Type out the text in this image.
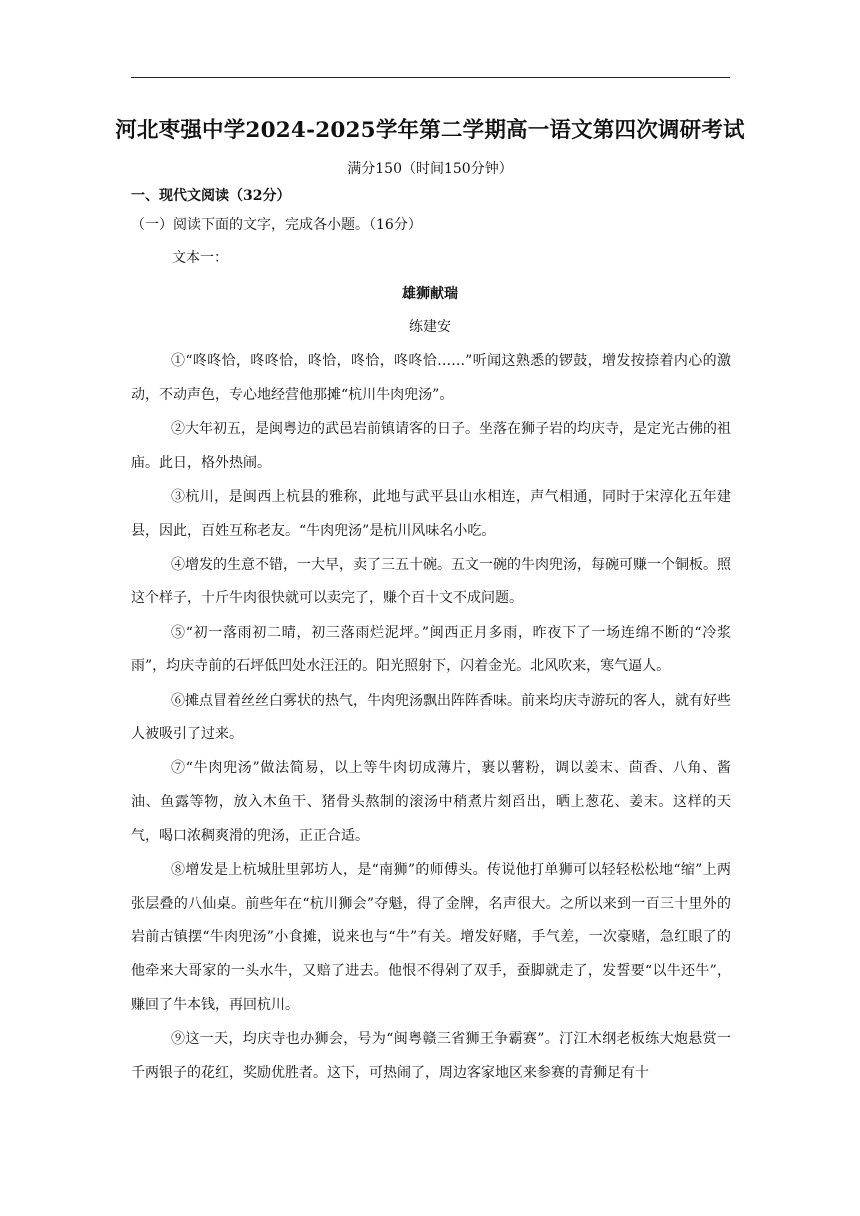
河北枣强中学2024-2025学年第二学期高一语文第四次调研考试
满分150（时间150分钟）
一、现代文阅读（32分）
（一）阅读下面的文字，完成各小题。（16分）
文本一：
雄狮献瑞
练建安

①“咚咚恰，咚咚恰，咚恰，咚恰，咚咚恰……”听闻这熟悉的锣鼓，增发按捺着内心的激动，不动声色，专心地经营他那摊“杭川牛肉兜汤”。

②大年初五，是闽粤边的武邑岩前镇请客的日子。坐落在狮子岩的均庆寺，是定光古佛的祖庙。此日，格外热闹。

③杭川，是闽西上杭县的雅称，此地与武平县山水相连，声气相通，同时于宋淳化五年建县，因此，百姓互称老友。“牛肉兜汤”是杭川风味名小吃。

④增发的生意不错，一大早，卖了三五十碗。五文一碗的牛肉兜汤，每碗可赚一个铜板。照这个样子，十斤牛肉很快就可以卖完了，赚个百十文不成问题。

⑤“初一落雨初二晴，初三落雨烂泥坪。”闽西正月多雨，昨夜下了一场连绵不断的“冷浆雨”，均庆寺前的石坪低凹处水汪汪的。阳光照射下，闪着金光。北风吹来，寒气逼人。

⑥摊点冒着丝丝白雾状的热气，牛肉兜汤飘出阵阵香味。前来均庆寺游玩的客人，就有好些人被吸引了过来。

⑦“牛肉兜汤”做法简易，以上等牛肉切成薄片，裹以薯粉，调以姜末、茴香、八角、酱油、鱼露等物，放入木鱼干、猪骨头熬制的滚汤中稍煮片刻舀出，晒上葱花、姜末。这样的天气，喝口浓稠爽滑的兜汤，正正合适。

⑧增发是上杭城肚里郭坊人，是“南狮”的师傅头。传说他打单狮可以轻轻松松地“缩”上两张层叠的八仙桌。前些年在“杭川狮会”夺魁，得了金牌，名声很大。之所以来到一百三十里外的岩前古镇摆“牛肉兜汤”小食摊，说来也与“牛”有关。增发好赌，手气差，一次豪赌，急红眼了的他牵来大哥家的一头水牛，又赔了进去。他恨不得剁了双手，蚕脚就走了，发誓要“以牛还牛”，赚回了牛本钱，再回杭川。

⑨这一天，均庆寺也办狮会，号为“闽粤赣三省狮王争霸赛”。汀江木纲老板练大炮悬赏一千两银子的花红，奖励优胜者。这下，可热闹了，周边客家地区来参赛的青狮足有十
